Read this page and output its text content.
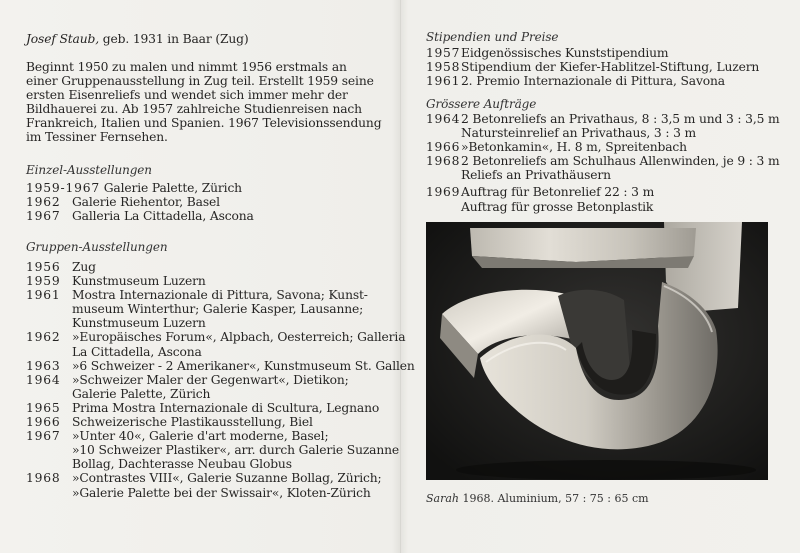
Josef Staub, geb. 1931 in Baar (Zug)
Beginnt 1950 zu malen und nimmt 1956 erstmals an
einer Gruppenausstellung in Zug teil. Erstellt 1959 seine
ersten Eisenreliefs und wendet sich immer mehr der
Bildhauerei zu. Ab 1957 zahlreiche Studienreisen nach
Frankreich, Italien und Spanien. 1967 Televisionssendung
im Tessiner Fernsehen.
Einzel-Ausstellungen
1959-1967 Galerie Palette, Zürich
1962 Galerie Riehentor, Basel
1967 Galleria La Cittadella, Ascona
Gruppen-Ausstellungen
1956 Zug
1959 Kunstmuseum Luzern
1961 Mostra Internazionale di Pittura, Savona; Kunst-
museum Winterthur; Galerie Kasper, Lausanne;
Kunstmuseum Luzern
1962 »Europäisches Forum«, Alpbach, Oesterreich; Galleria
La Cittadella, Ascona
1963 »6 Schweizer - 2 Amerikaner«, Kunstmuseum St. Gallen
1964 »Schweizer Maler der Gegenwart«, Dietikon;
Galerie Palette, Zürich
1965 Prima Mostra Internazionale di Scultura, Legnano
1966 Schweizerische Plastikausstellung, Biel
1967 »Unter 40«, Galerie d'art moderne, Basel;
»10 Schweizer Plastiker«, arr. durch Galerie Suzanne
Bollag, Dachterasse Neubau Globus
1968 »Contrastes VIII«, Galerie Suzanne Bollag, Zürich;
»Galerie Palette bei der Swissair«, Kloten-Zürich
Stipendien und Preise
1957Eidgenössisches Kunststipendium
1958Stipendium der Kiefer-Hablitzel-Stiftung, Luzern
19612. Premio Internazionale di Pittura, Savona
Grössere Aufträge
19642 Betonreliefs an Privathaus, 8 : 3,5 m und 3 : 3,5 m
Natursteinrelief an Privathaus, 3 : 3 m
1966»Betonkamin«, H. 8 m, Spreitenbach
19682 Betonreliefs am Schulhaus Allenwinden, je 9 : 3 m
Reliefs an Privathäusern
1969Auftrag für Betonrelief 22 : 3 m
Auftrag für grosse Betonplastik
Sarah 1968. Aluminium, 57 : 75 : 65 cm
